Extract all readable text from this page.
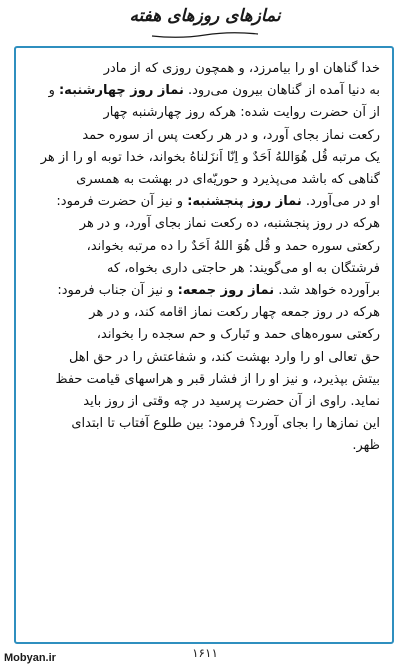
نمازهای روزهای هفته
خدا گناهان او را بیامرزد، و همچون روزی که از مادر
به دنیا آمده از گناهان بیرون می‌رود. نماز روز چهارشنبه: و
از آن حضرت روایت شده: هرکه روز چهارشنبه چهار
رکعت نماز بجای آورد، و در هر رکعت پس از سوره حمد
یک مرتبه قُل هُوَاللهُ اَحَدٌ و اِنّا اَنزَلناهُ بخواند، خدا توبه او را از هر
گناهی که باشد می‌پذیرد و حوریّه‌ای در بهشت به همسری
او در می‌آورد. نماز روز پنجشنبه: و نیز آن حضرت فرمود:
هرکه در روز پنجشنبه، ده رکعت نماز بجای آورد، و در هر
رکعتی سوره حمد و قُل هُوَ اللهُ اَحَدٌ را ده مرتبه بخواند،
فرشتگان به او می‌گویند: هر حاجتی داری بخواه، که
برآورده خواهد شد. نماز روز جمعه: و نیز آن جناب فرمود:
هرکه در روز جمعه چهار رکعت نماز اقامه کند، و در هر
رکعتی سوره‌های حمد و تَبارک و حم سجده را بخواند،
حق تعالی او را وارد بهشت کند، و شفاعتش را در حق اهل
بیتش بپذیرد، و نیز او را از فشار قبر و هراسهای قیامت حفظ
نماید. راوی از آن حضرت پرسید در چه وقتی از روز باید
این نمازها را بجای آورد؟ فرمود: بین طلوع آفتاب تا ابتدای
ظهر.
۱۶۱۱
Mobyan.ir
